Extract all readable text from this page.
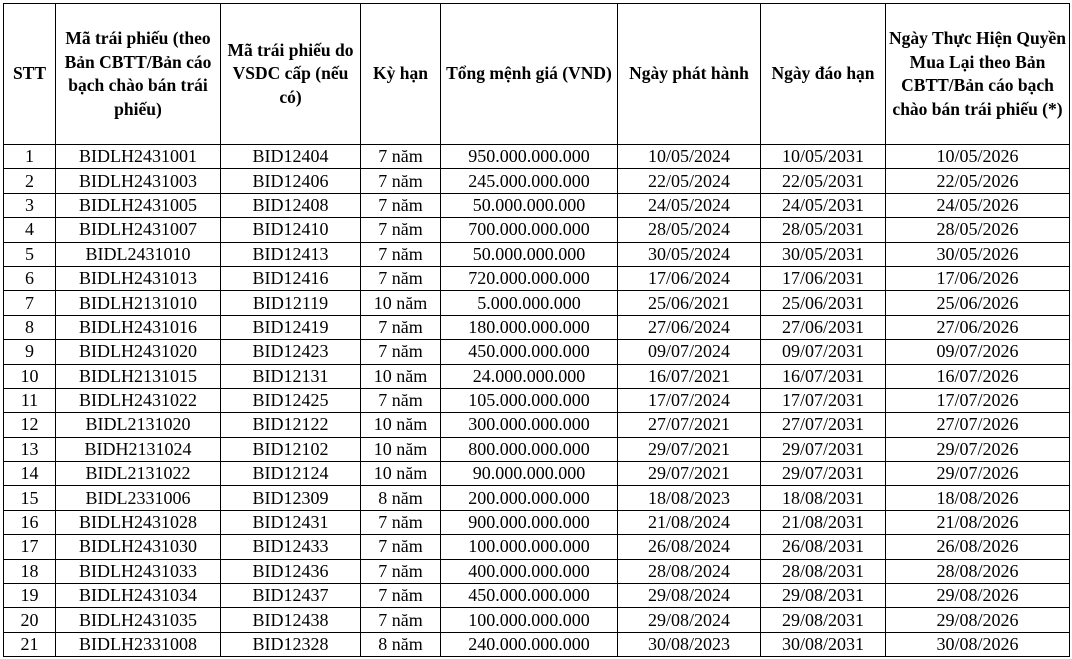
STT	Mã trái phiếu (theo Bản CBTT/Bản cáo bạch chào bán trái phiếu)	Mã trái phiếu do VSDC cấp (nếu có)	Kỳ hạn	Tổng mệnh giá (VND)	Ngày phát hành	Ngày đáo hạn	Ngày Thực Hiện Quyền Mua Lại theo Bản CBTT/Bản cáo bạch chào bán trái phiếu (*)
1	BIDLH2431001	BID12404	7 năm	950.000.000.000	10/05/2024	10/05/2031	10/05/2026
2	BIDLH2431003	BID12406	7 năm	245.000.000.000	22/05/2024	22/05/2031	22/05/2026
3	BIDLH2431005	BID12408	7 năm	50.000.000.000	24/05/2024	24/05/2031	24/05/2026
4	BIDLH2431007	BID12410	7 năm	700.000.000.000	28/05/2024	28/05/2031	28/05/2026
5	BIDL2431010	BID12413	7 năm	50.000.000.000	30/05/2024	30/05/2031	30/05/2026
6	BIDLH2431013	BID12416	7 năm	720.000.000.000	17/06/2024	17/06/2031	17/06/2026
7	BIDLH2131010	BID12119	10 năm	5.000.000.000	25/06/2021	25/06/2031	25/06/2026
8	BIDLH2431016	BID12419	7 năm	180.000.000.000	27/06/2024	27/06/2031	27/06/2026
9	BIDLH2431020	BID12423	7 năm	450.000.000.000	09/07/2024	09/07/2031	09/07/2026
10	BIDLH2131015	BID12131	10 năm	24.000.000.000	16/07/2021	16/07/2031	16/07/2026
11	BIDLH2431022	BID12425	7 năm	105.000.000.000	17/07/2024	17/07/2031	17/07/2026
12	BIDL2131020	BID12122	10 năm	300.000.000.000	27/07/2021	27/07/2031	27/07/2026
13	BIDH2131024	BID12102	10 năm	800.000.000.000	29/07/2021	29/07/2031	29/07/2026
14	BIDL2131022	BID12124	10 năm	90.000.000.000	29/07/2021	29/07/2031	29/07/2026
15	BIDL2331006	BID12309	8 năm	200.000.000.000	18/08/2023	18/08/2031	18/08/2026
16	BIDLH2431028	BID12431	7 năm	900.000.000.000	21/08/2024	21/08/2031	21/08/2026
17	BIDLH2431030	BID12433	7 năm	100.000.000.000	26/08/2024	26/08/2031	26/08/2026
18	BIDLH2431033	BID12436	7 năm	400.000.000.000	28/08/2024	28/08/2031	28/08/2026
19	BIDLH2431034	BID12437	7 năm	450.000.000.000	29/08/2024	29/08/2031	29/08/2026
20	BIDLH2431035	BID12438	7 năm	100.000.000.000	29/08/2024	29/08/2031	29/08/2026
21	BIDLH2331008	BID12328	8 năm	240.000.000.000	30/08/2023	30/08/2031	30/08/2026
